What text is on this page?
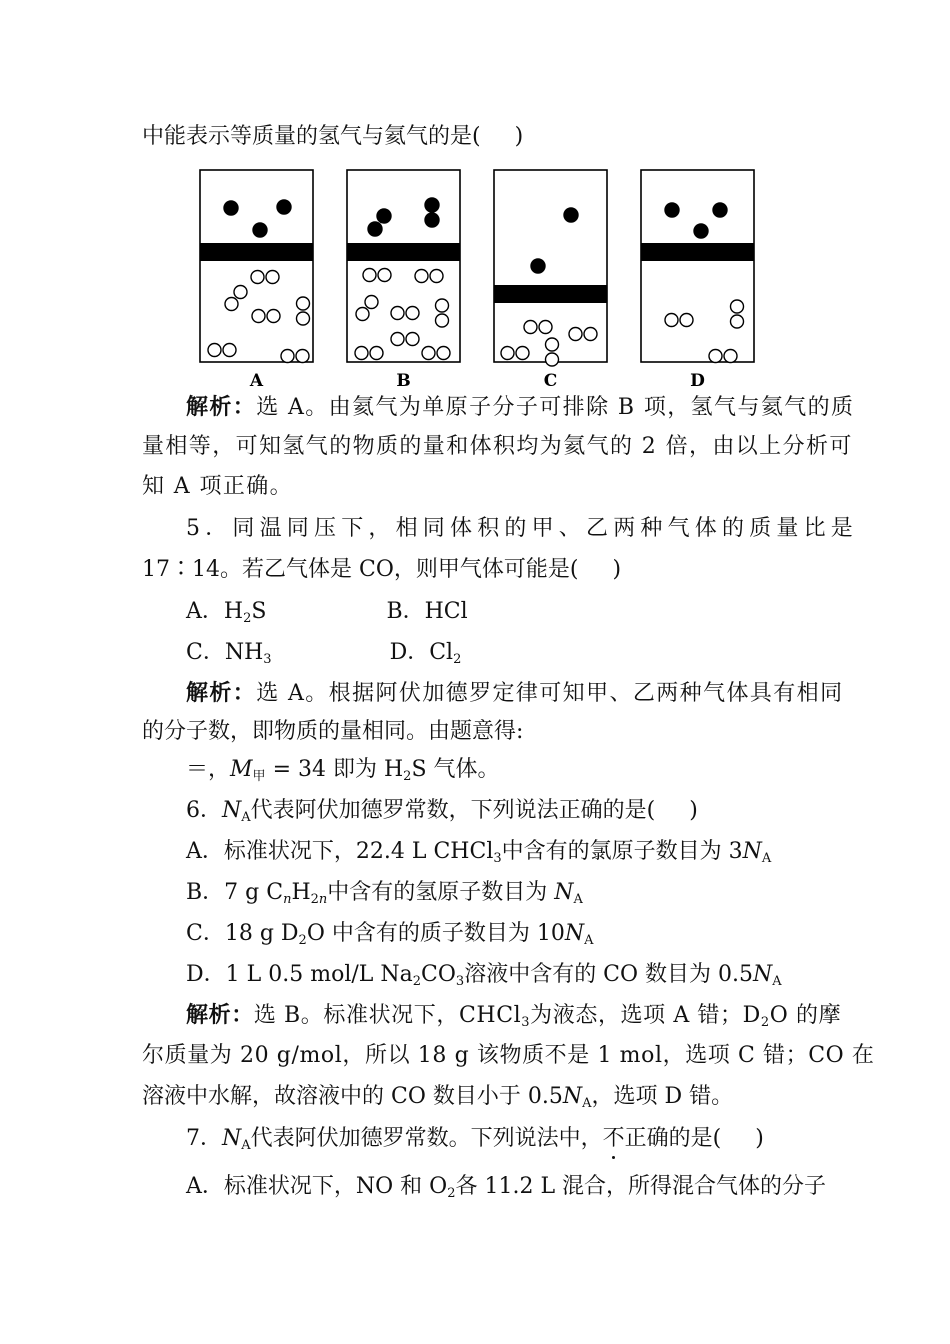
中能表示等质量的氢气与氦气的是( )
A	B	C	D
解析：选 A。由氦气为单原子分子可排除 B 项，氢气与氦气的质
量相等，可知氢气的物质的量和体积均为氦气的 2 倍，由以上分析可
知 A 项正确。
5．同温同压下，相同体积的甲、乙两种气体的质量比是
17∶14。若乙气体是 CO，则甲气体可能是( )
A．$H_2S$	B．HCl
C．$NH_3$	D．$Cl_2$
解析：选 A。根据阿伏加德罗定律可知甲、乙两种气体具有相同
的分子数，即物质的量相同。由题意得:
＝，$M_甲 = 34$ 即为 $H_2S$ 气体。
6．$N_A$代表阿伏加德罗常数，下列说法正确的是( )
A．标准状况下，22.4 L CHCl$_3$中含有的氯原子数目为 $3N_A$
B．7 g $C_nH_{2n}$中含有的氢原子数目为 $N_A$
C．18 g $D_2O$ 中含有的质子数目为 $10N_A$
D．1 L 0.5 mol/L $Na_2CO_3$溶液中含有的 CO 数目为 $0.5N_A$
解析：选 B。标准状况下，CHCl$_3$为液态，选项 A 错；$D_2O$ 的摩
尔质量为 20 g/mol，所以 18 g 该物质不是 1 mol，选项 C 错；CO 在
溶液中水解，故溶液中的 CO 数目小于 $0.5N_A$，选项 D 错。
7．$N_A$代表阿伏加德罗常数。下列说法中，不正确的是( )
A．标准状况下，NO 和 $O_2$各 11.2 L 混合，所得混合气体的分子
